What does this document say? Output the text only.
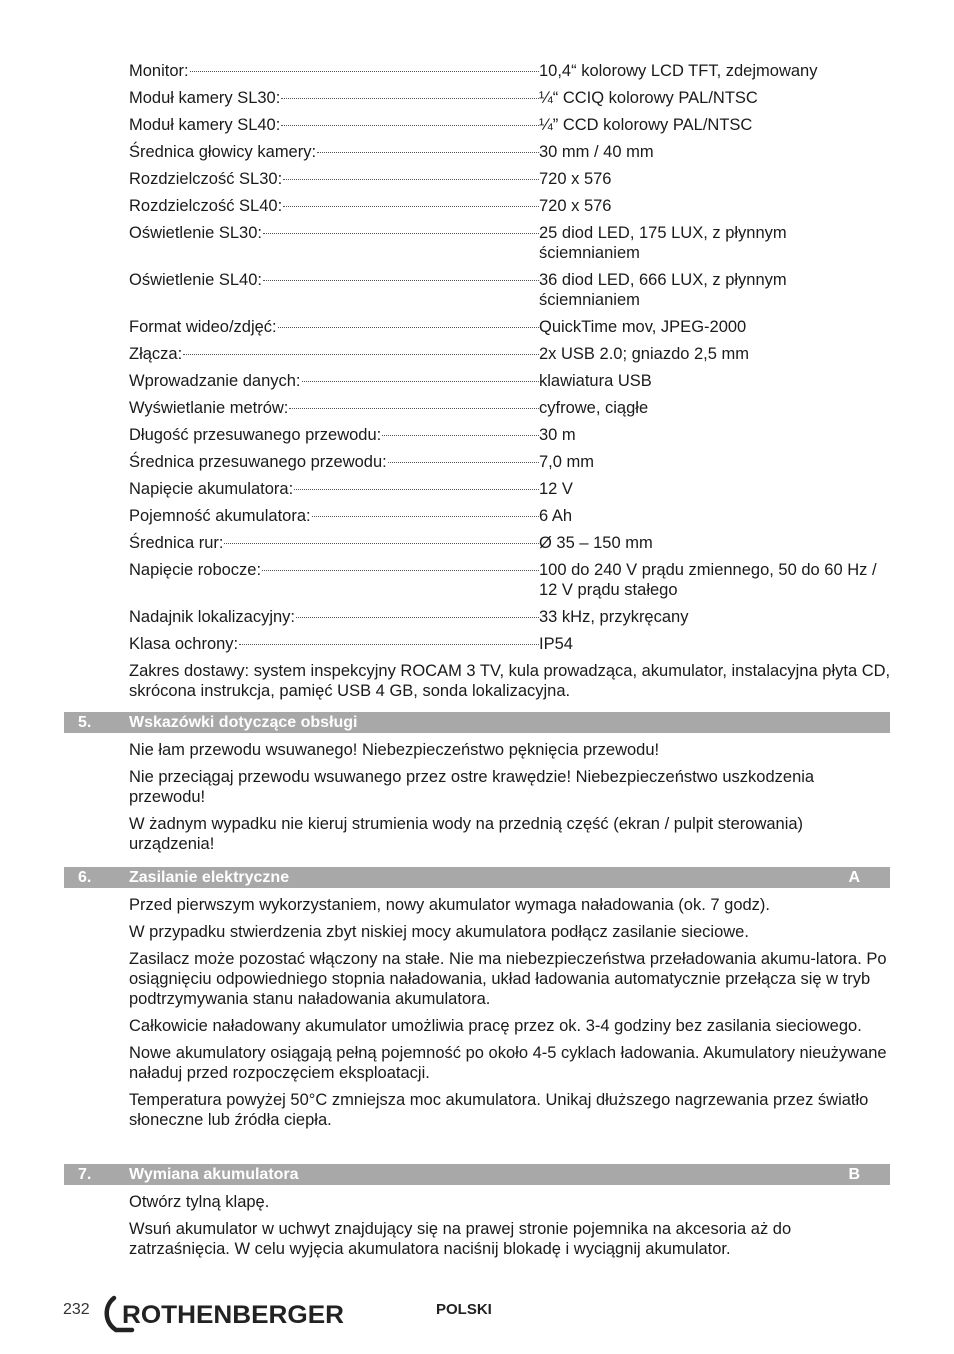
Monitor:	10,4“ kolorowy LCD TFT, zdejmowany
Moduł kamery SL30:	¼“ CCIQ kolorowy PAL/NTSC
Moduł kamery SL40:	¼” CCD kolorowy PAL/NTSC
Średnica głowicy kamery:	30 mm / 40 mm
Rozdzielczość SL30:	720 x 576
Rozdzielczość SL40:	720 x 576
Oświetlenie SL30:	25 diod LED, 175 LUX, z płynnym ściemnianiem
Oświetlenie SL40:	36 diod LED, 666 LUX, z płynnym ściemnianiem
Format wideo/zdjęć:	QuickTime mov, JPEG-2000
Złącza:	2x USB 2.0; gniazdo 2,5 mm
Wprowadzanie danych:	klawiatura USB
Wyświetlanie metrów:	cyfrowe, ciągłe
Długość przesuwanego przewodu:	30 m
Średnica przesuwanego przewodu:	7,0 mm
Napięcie akumulatora:	12 V
Pojemność akumulatora:	6 Ah
Średnica rur:	Ø 35 – 150 mm
Napięcie robocze:	100 do 240 V prądu zmiennego, 50 do 60 Hz / 12 V prądu stałego
Nadajnik lokalizacyjny:	33 kHz, przykręcany
Klasa ochrony:	IP54

Zakres dostawy: system inspekcyjny ROCAM 3 TV, kula prowadząca, akumulator, instalacyjna płyta CD, skrócona instrukcja, pamięć USB 4 GB, sonda lokalizacyjna.

5. Wskazówki dotyczące obsługi

Nie łam przewodu wsuwanego! Niebezpieczeństwo pęknięcia przewodu!

Nie przeciągaj przewodu wsuwanego przez ostre krawędzie! Niebezpieczeństwo uszkodzenia przewodu!

W żadnym wypadku nie kieruj strumienia wody na przednią część (ekran / pulpit sterowania) urządzenia!

6. Zasilanie elektryczne	A

Przed pierwszym wykorzystaniem, nowy akumulator wymaga naładowania (ok. 7 godz).

W przypadku stwierdzenia zbyt niskiej mocy akumulatora podłącz zasilanie sieciowe.

Zasilacz może pozostać włączony na stałe. Nie ma niebezpieczeństwa przeładowania akumu-latora. Po osiągnięciu odpowiedniego stopnia naładowania, układ ładowania automatycznie przełącza się w tryb podtrzymywania stanu naładowania akumulatora.

Całkowicie naładowany akumulator umożliwia pracę przez ok. 3-4 godziny bez zasilania sieciowego.

Nowe akumulatory osiągają pełną pojemność po około 4-5 cyklach ładowania. Akumulatory nieużywane naładuj przed rozpoczęciem eksploatacji.

Temperatura powyżej 50°C zmniejsza moc akumulatora. Unikaj dłuższego nagrzewania przez światło słoneczne lub źródła ciepła.

7. Wymiana akumulatora	B

Otwórz tylną klapę.

Wsuń akumulator w uchwyt znajdujący się na prawej stronie pojemnika na akcesoria aż do zatrzaśnięcia. W celu wyjęcia akumulatora naciśnij blokadę i wyciągnij akumulator.

232 ROTHENBERGER	POLSKI
